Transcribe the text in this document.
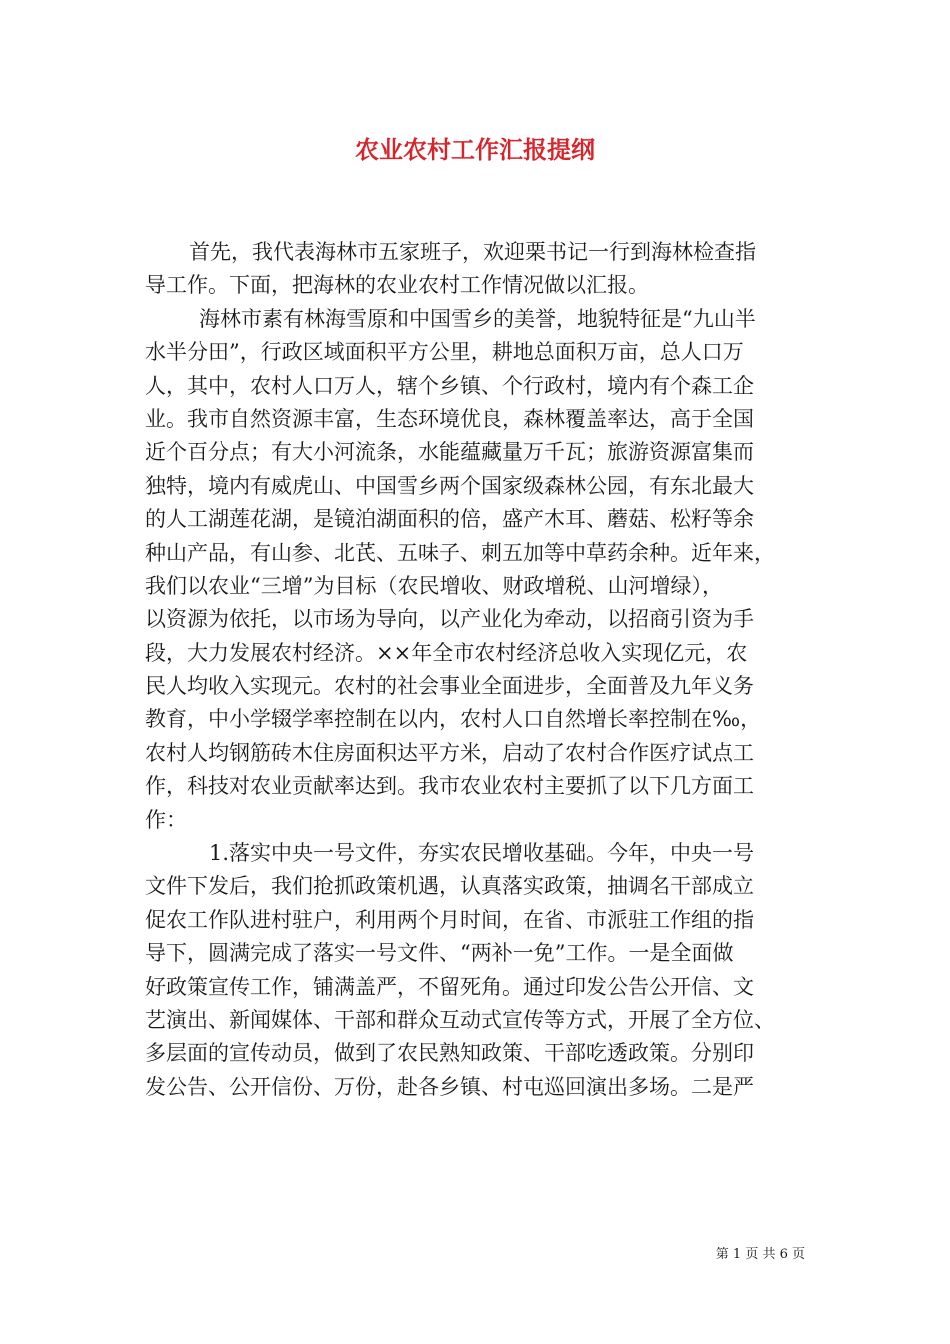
农业农村工作汇报提纲
首先，我代表海林市五家班子，欢迎栗书记一行到海林检查指
导工作。下面，把海林的农业农村工作情况做以汇报。
海林市素有林海雪原和中国雪乡的美誉，地貌特征是“九山半
水半分田”，行政区域面积平方公里，耕地总面积万亩，总人口万
人，其中，农村人口万人，辖个乡镇、个行政村，境内有个森工企
业。我市自然资源丰富，生态环境优良，森林覆盖率达，高于全国
近个百分点；有大小河流条，水能蕴藏量万千瓦；旅游资源富集而
独特，境内有威虎山、中国雪乡两个国家级森林公园，有东北最大
的人工湖莲花湖，是镜泊湖面积的倍，盛产木耳、蘑菇、松籽等余
种山产品，有山参、北芪、五味子、刺五加等中草药余种。近年来，
我们以农业“三增”为目标（农民增收、财政增税、山河增绿），
以资源为依托，以市场为导向，以产业化为牵动，以招商引资为手
段，大力发展农村经济。××年全市农村经济总收入实现亿元，农
民人均收入实现元。农村的社会事业全面进步，全面普及九年义务
教育，中小学辍学率控制在以内，农村人口自然增长率控制在‰，
农村人均钢筋砖木住房面积达平方米，启动了农村合作医疗试点工
作，科技对农业贡献率达到。我市农业农村主要抓了以下几方面工
作：
1.落实中央一号文件，夯实农民增收基础。今年，中央一号
文件下发后，我们抢抓政策机遇，认真落实政策，抽调名干部成立
促农工作队进村驻户，利用两个月时间，在省、市派驻工作组的指
导下，圆满完成了落实一号文件、“两补一免”工作。一是全面做
好政策宣传工作，铺满盖严，不留死角。通过印发公告公开信、文
艺演出、新闻媒体、干部和群众互动式宣传等方式，开展了全方位、
多层面的宣传动员，做到了农民熟知政策、干部吃透政策。分别印
发公告、公开信份、万份，赴各乡镇、村屯巡回演出多场。二是严
第 1 页 共 6 页
